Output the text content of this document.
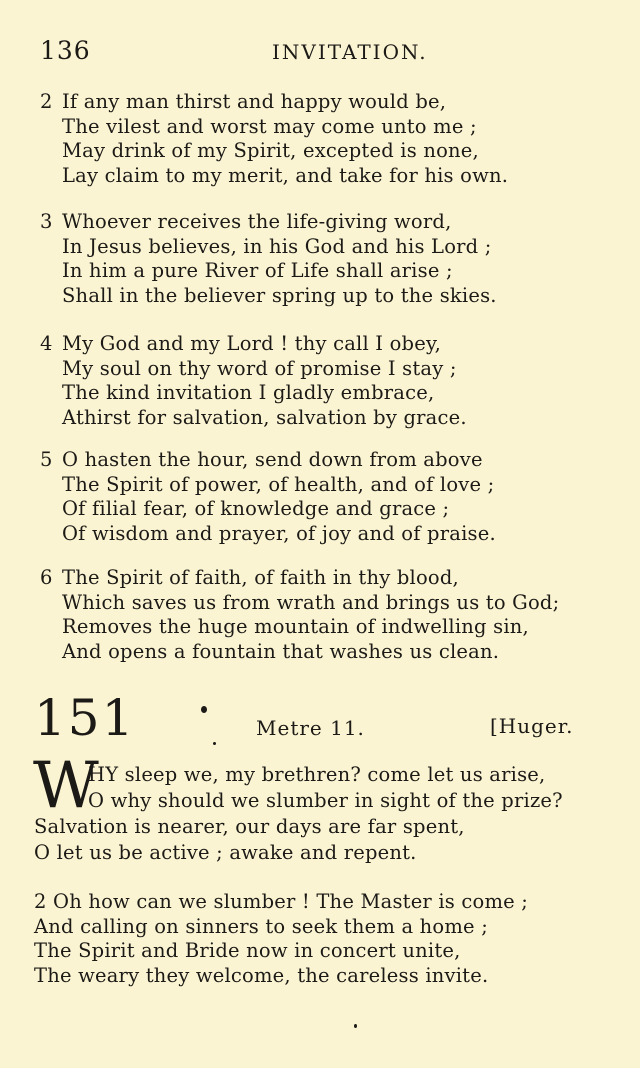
136	INVITATION.
2 If any man thirst and happy would be,
The vilest and worst may come unto me ;
May drink of my Spirit, excepted is none,
Lay claim to my merit, and take for his own.
3 Whoever receives the life-giving word,
In Jesus believes, in his God and his Lord ;
In him a pure River of Life shall arise ;
Shall in the believer spring up to the skies.
4 My God and my Lord ! thy call I obey,
My soul on thy word of promise I stay ;
The kind invitation I gladly embrace,
Athirst for salvation, salvation by grace.
5 O hasten the hour, send down from above
The Spirit of power, of health, and of love ;
Of filial fear, of knowledge and grace ;
Of wisdom and prayer, of joy and of praise.
6 The Spirit of faith, of faith in thy blood,
Which saves us from wrath and brings us to God;
Removes the huge mountain of indwelling sin,
And opens a fountain that washes us clean.
151	Metre 11.	[Huger.
W
HY sleep we, my brethren? come let us arise,
O why should we slumber in sight of the prize?
Salvation is nearer, our days are far spent,
O let us be active ; awake and repent.
2 Oh how can we slumber ! The Master is come ;
And calling on sinners to seek them a home ;
The Spirit and Bride now in concert unite,
The weary they welcome, the careless invite.
